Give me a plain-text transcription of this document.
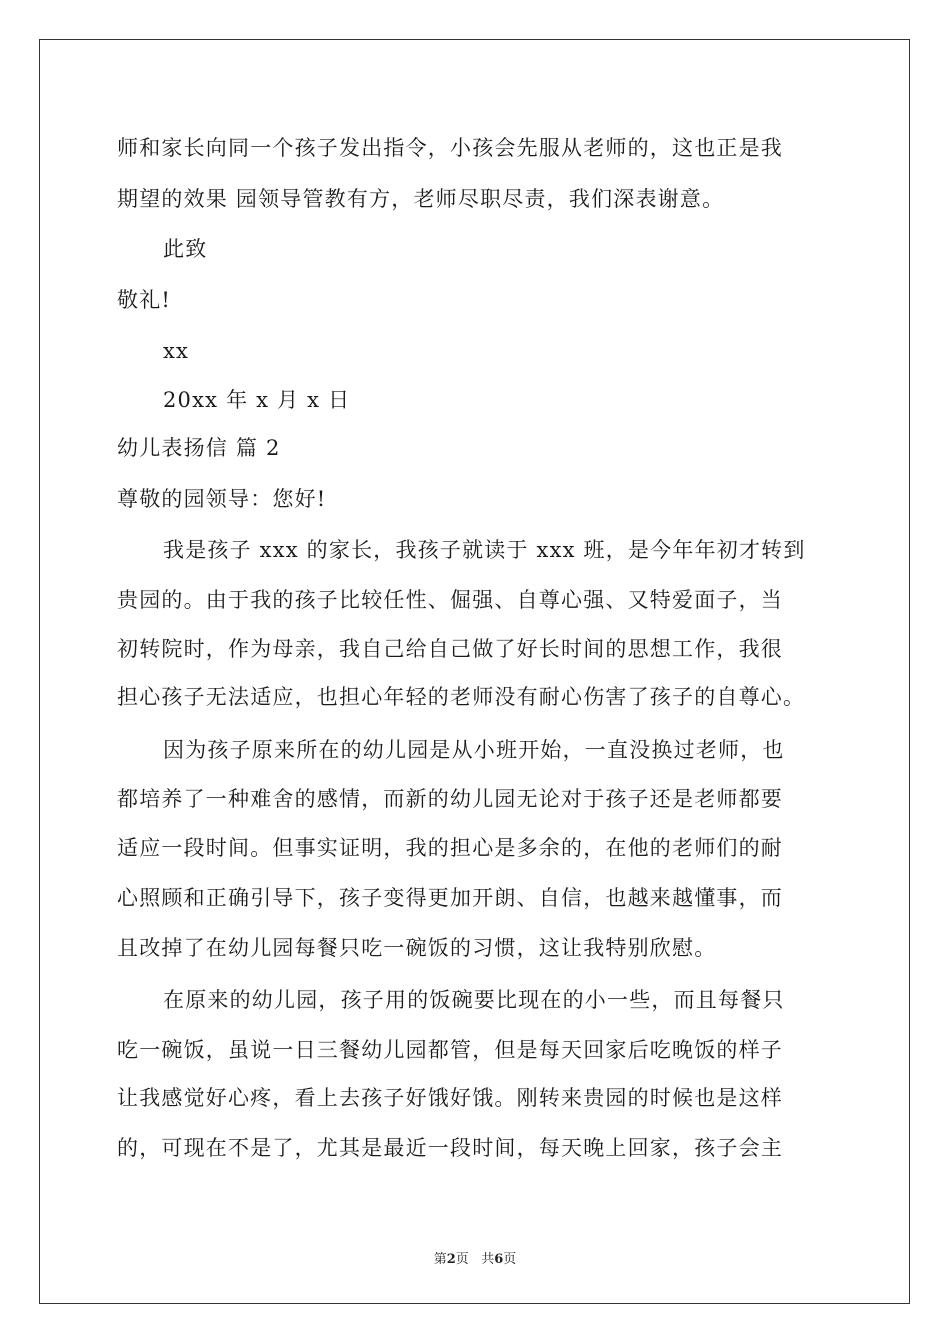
师和家长向同一个孩子发出指令，小孩会先服从老师的，这也正是我
期望的效果 园领导管教有方，老师尽职尽责，我们深表谢意。
此致
敬礼!
xx
20xx 年 x 月 x 日
幼儿表扬信 篇 2
尊敬的园领导：您好!
我是孩子 xxx 的家长，我孩子就读于 xxx 班，是今年年初才转到
贵园的。由于我的孩子比较任性、倔强、自尊心强、又特爱面子，当
初转院时，作为母亲，我自己给自己做了好长时间的思想工作，我很
担心孩子无法适应，也担心年轻的老师没有耐心伤害了孩子的自尊心。
因为孩子原来所在的幼儿园是从小班开始，一直没换过老师，也
都培养了一种难舍的感情，而新的幼儿园无论对于孩子还是老师都要
适应一段时间。但事实证明，我的担心是多余的，在他的老师们的耐
心照顾和正确引导下，孩子变得更加开朗、自信，也越来越懂事，而
且改掉了在幼儿园每餐只吃一碗饭的习惯，这让我特别欣慰。
在原来的幼儿园，孩子用的饭碗要比现在的小一些，而且每餐只
吃一碗饭，虽说一日三餐幼儿园都管，但是每天回家后吃晚饭的样子
让我感觉好心疼，看上去孩子好饿好饿。刚转来贵园的时候也是这样
的，可现在不是了，尤其是最近一段时间，每天晚上回家，孩子会主
第2页   共6页
